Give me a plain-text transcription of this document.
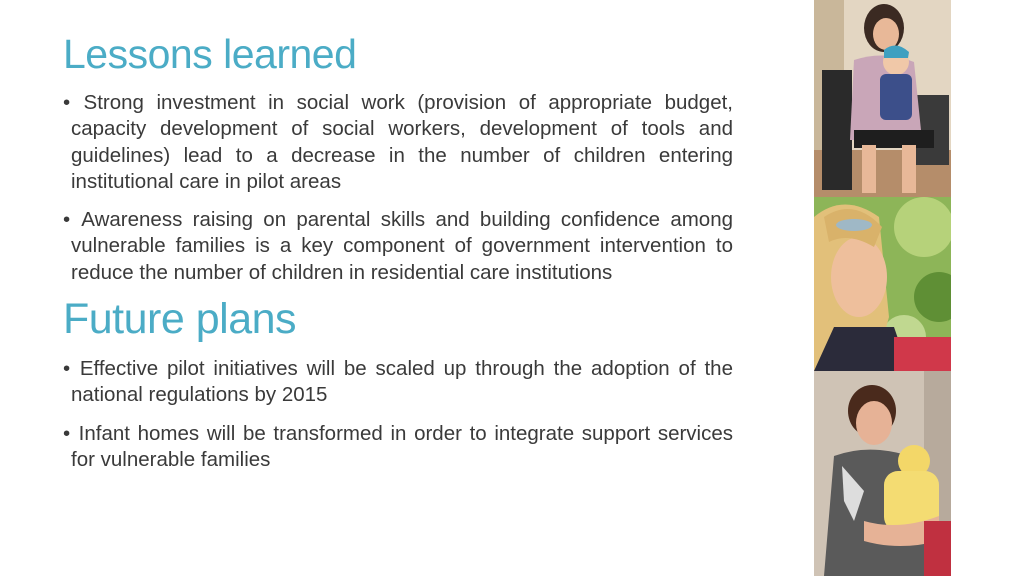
Lessons learned
• Strong investment in social work (provision of appropriate budget, capacity development of social workers, development of tools and guidelines) lead to a decrease in the number of children entering institutional care in pilot areas
• Awareness raising on parental skills and building confidence among vulnerable families is a key component of government intervention to reduce the number of children in residential care institutions
Future plans
• Effective pilot initiatives will be scaled up through the adoption of the national regulations by 2015
• Infant homes will be transformed in order to integrate support services for vulnerable families
